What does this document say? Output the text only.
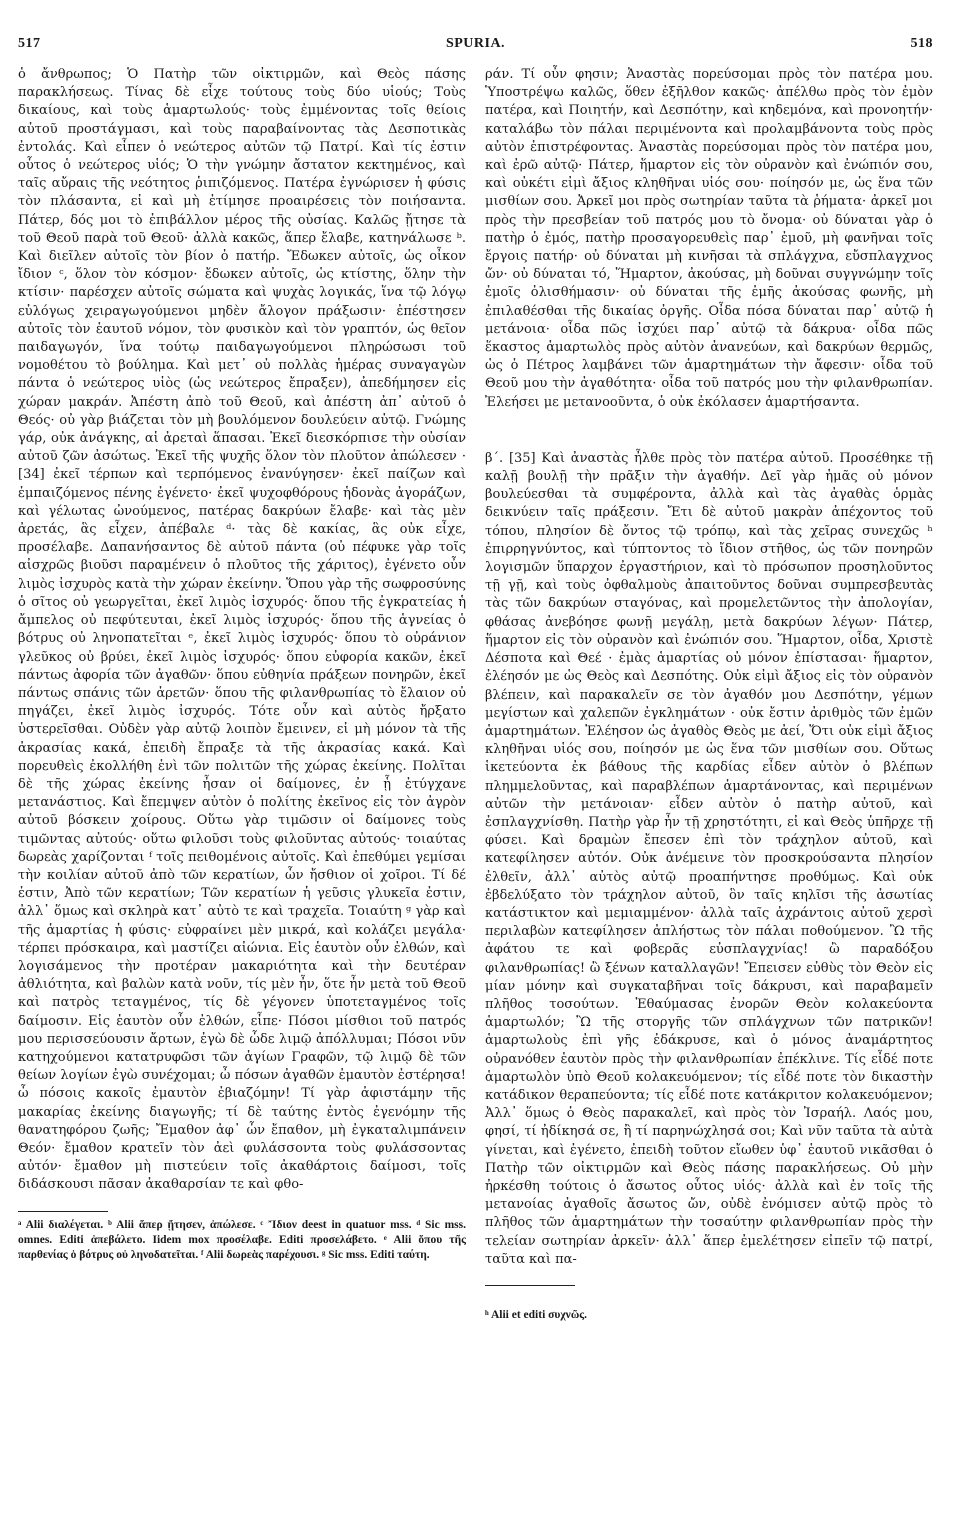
517	SPURIA.	518

ὁ ἄνθρωπος; Ὁ Πατὴρ τῶν οἰκτιρμῶν, καὶ Θεὸς πάσης παρακλήσεως. Τίνας δὲ εἶχε τούτους τοὺς δύο υἱούς; Τοὺς δικαίους, καὶ τοὺς ἁμαρτωλούς· τοὺς ἐμμένοντας τοῖς θείοις αὐτοῦ προστάγμασι, καὶ τοὺς παραβαίνοντας τὰς Δεσποτικὰς ἐντολάς. Καὶ εἶπεν ὁ νεώτερος αὐτῶν τῷ Πατρί. Καὶ τίς ἐστιν οὗτος ὁ νεώτερος υἱός; Ὁ τὴν γνώμην ἄστατον κεκτημένος, καὶ ταῖς αὔραις τῆς νεότητος ῥιπιζόμενος. Πατέρα ἐγνώρισεν ἡ φύσις τὸν πλάσαντα, εἰ καὶ μὴ ἐτίμησε προαιρέσεις τὸν ποιήσαντα. Πάτερ, δός μοι τὸ ἐπιβάλλον μέρος τῆς οὐσίας. Καλῶς ᾔτησε τὰ τοῦ Θεοῦ παρὰ τοῦ Θεοῦ· ἀλλὰ κακῶς, ἅπερ ἔλαβε, κατηνάλωσε ᵇ. Καὶ διεῖλεν αὐτοῖς τὸν βίον ὁ πατήρ. Ἔδωκεν αὐτοῖς, ὡς οἶκον ἴδιον ᶜ, ὅλον τὸν κόσμον· ἔδωκεν αὐτοῖς, ὡς κτίστης, ὅλην τὴν κτίσιν· παρέσχεν αὐτοῖς σώματα καὶ ψυχὰς λογικάς, ἵνα τῷ λόγῳ εὐλόγως χειραγωγούμενοι μηδὲν ἄλογον πράξωσιν· ἐπέστησεν αὐτοῖς τὸν ἑαυτοῦ νόμον, τὸν φυσικὸν καὶ τὸν γραπτόν, ὡς θεῖον παιδαγωγόν, ἵνα τούτῳ παιδαγωγούμενοι πληρώσωσι τοῦ νομοθέτου τὸ βούλημα. Καὶ μετ᾽ οὐ πολλὰς ἡμέρας συναγαγὼν πάντα ὁ νεώτερος υἱὸς (ὡς νεώτερος ἔπραξεν), ἀπεδήμησεν εἰς χώραν μακράν. Ἀπέστη ἀπὸ τοῦ Θεοῦ, καὶ ἀπέστη ἀπ᾽ αὐτοῦ ὁ Θεός· οὐ γὰρ βιάζεται τὸν μὴ βουλόμενον δουλεύειν αὐτῷ. Γνώμης γάρ, οὐκ ἀνάγκης, αἱ ἀρεταὶ ἅπασαι. Ἐκεῖ διεσκόρπισε τὴν οὐσίαν αὐτοῦ ζῶν ἀσώτως. Ἐκεῖ τῆς ψυχῆς ὅλον τὸν πλοῦτον ἀπώλεσεν · [34] ἐκεῖ τέρπων καὶ τερπόμενος ἐνανύγησεν· ἐκεῖ παίζων καὶ ἐμπαιζόμενος πένης ἐγένετο· ἐκεῖ ψυχοφθόρους ἡδονὰς ἀγοράζων, καὶ γέλωτας ὠνούμενος, πατέρας δακρύων ἔλαβε· καὶ τὰς μὲν ἀρετάς, ἃς εἶχεν, ἀπέβαλε ᵈ· τὰς δὲ κακίας, ἃς οὐκ εἶχε, προσέλαβε. Δαπανήσαντος δὲ αὐτοῦ πάντα (οὐ πέφυκε γὰρ τοῖς αἰσχρῶς βιοῦσι παραμένειν ὁ πλοῦτος τῆς χάριτος), ἐγένετο οὖν λιμὸς ἰσχυρὸς κατὰ τὴν χώραν ἐκείνην. Ὅπου γὰρ τῆς σωφροσύνης ὁ σῖτος οὐ γεωργεῖται, ἐκεῖ λιμὸς ἰσχυρός· ὅπου τῆς ἐγκρατείας ἡ ἄμπελος οὐ πεφύτευται, ἐκεῖ λιμὸς ἰσχυρός· ὅπου τῆς ἁγνείας ὁ βότρυς οὐ ληνοπατεῖται ᵉ, ἐκεῖ λιμὸς ἰσχυρός· ὅπου τὸ οὐράνιον γλεῦκος οὐ βρύει, ἐκεῖ λιμὸς ἰσχυρός· ὅπου εὐφορία κακῶν, ἐκεῖ πάντως ἀφορία τῶν ἀγαθῶν· ὅπου εὐθηνία πράξεων πονηρῶν, ἐκεῖ πάντως σπάνις τῶν ἀρετῶν· ὅπου τῆς φιλανθρωπίας τὸ ἔλαιον οὐ πηγάζει, ἐκεῖ λιμὸς ἰσχυρός. Τότε οὖν καὶ αὐτὸς ἤρξατο ὑστερεῖσθαι. Οὐδὲν γὰρ αὐτῷ λοιπὸν ἔμεινεν, εἰ μὴ μόνον τὰ τῆς ἀκρασίας κακά, ἐπειδὴ ἔπραξε τὰ τῆς ἀκρασίας κακά. Καὶ πορευθεὶς ἐκολλήθη ἑνὶ τῶν πολιτῶν τῆς χώρας ἐκείνης. Πολῖται δὲ τῆς χώρας ἐκείνης ἦσαν οἱ δαίμονες, ἐν ᾗ ἐτύγχανε μετανάστιος. Καὶ ἔπεμψεν αὐτὸν ὁ πολίτης ἐκεῖνος εἰς τὸν ἀγρὸν αὐτοῦ βόσκειν χοίρους. Οὕτω γὰρ τιμῶσιν οἱ δαίμονες τοὺς τιμῶντας αὐτούς· οὕτω φιλοῦσι τοὺς φιλοῦντας αὐτούς· τοιαύτας δωρεὰς χαρίζονται ᶠ τοῖς πειθομένοις αὐτοῖς. Καὶ ἐπεθύμει γεμίσαι τὴν κοιλίαν αὐτοῦ ἀπὸ τῶν κερατίων, ὧν ἤσθιον οἱ χοῖροι. Τί δέ ἐστιν, Ἀπὸ τῶν κερατίων; Τῶν κερατίων ἡ γεῦσις γλυκεῖα ἐστιν, ἀλλ᾽ ὅμως καὶ σκληρὰ κατ᾽ αὐτὸ τε καὶ τραχεῖα. Τοιαύτη ᵍ γὰρ καὶ τῆς ἁμαρτίας ἡ φύσις· εὐφραίνει μὲν μικρά, καὶ κολάζει μεγάλα· τέρπει πρόσκαιρα, καὶ μαστίζει αἰώνια. Εἰς ἑαυτὸν οὖν ἐλθών, καὶ λογισάμενος τὴν προτέραν μακαριότητα καὶ τὴν δευτέραν ἀθλιότητα, καὶ βαλὼν κατὰ νοῦν, τίς μὲν ἦν, ὅτε ἦν μετὰ τοῦ Θεοῦ καὶ πατρὸς τεταγμένος, τίς δὲ γέγονεν ὑποτεταγμένος τοῖς δαίμοσιν. Εἰς ἑαυτὸν οὖν ἐλθών, εἶπε· Πόσοι μίσθιοι τοῦ πατρός μου περισσεύουσιν ἄρτων, ἐγὼ δὲ ὧδε λιμῷ ἀπόλλυμαι; Πόσοι νῦν κατηχούμενοι κατατρυφῶσι τῶν ἁγίων Γραφῶν, τῷ λιμῷ δὲ τῶν θείων λογίων ἐγὼ συνέχομαι; ὦ πόσων ἀγαθῶν ἐμαυτὸν ἐστέρησα! ὦ πόσοις κακοῖς ἐμαυτὸν ἐβιαζόμην! Τί γὰρ ἀφιστάμην τῆς μακαρίας ἐκείνης διαγωγῆς; τί δὲ ταύτης ἐντὸς ἐγενόμην τῆς θανατηφόρου ζωῆς; Ἔμαθον ἀφ᾽ ὧν ἔπαθον, μὴ ἐγκαταλιμπάνειν Θεόν· ἔμαθον κρατεῖν τὸν ἀεὶ φυλάσσοντα τοὺς φυλάσσοντας αὐτόν· ἔμαθον μὴ πιστεύειν τοῖς ἀκαθάρτοις δαίμοσι, τοῖς διδάσκουσι πᾶσαν ἀκαθαρσίαν τε καὶ φθο-

ᵃ Alii διαλέγεται. ᵇ Alii ἅπερ ᾔτησεν, ἀπώλεσε. ᶜ Ἴδιον deest in quatuor mss. ᵈ Sic mss. omnes. Editi ἀπεβάλετο. Iidem mox προσέλαβε. Editi προσελάβετο. ᵉ Alii ὅπου τῆς παρθενίας ὁ βότρυς οὐ ληνοδατεῖται. ᶠ Alii δωρεὰς παρέχουσι. ᵍ Sic mss. Editi ταύτη.

ράν. Τί οὖν φησιν; Ἀναστὰς πορεύσομαι πρὸς τὸν πατέρα μου. Ὑποστρέψω καλῶς, ὅθεν ἐξῆλθον κακῶς· ἀπέλθω πρὸς τὸν ἐμὸν πατέρα, καὶ Ποιητήν, καὶ Δεσπότην, καὶ κηδεμόνα, καὶ προνοητήν· καταλάβω τὸν πάλαι περιμένοντα καὶ προλαμβάνοντα τοὺς πρὸς αὐτὸν ἐπιστρέφοντας. Ἀναστὰς πορεύσομαι πρὸς τὸν πατέρα μου, καὶ ἐρῶ αὐτῷ· Πάτερ, ἥμαρτον εἰς τὸν οὐρανὸν καὶ ἐνώπιόν σου, καὶ οὐκέτι εἰμὶ ἄξιος κληθῆναι υἱός σου· ποίησόν με, ὡς ἕνα τῶν μισθίων σου. Ἀρκεῖ μοι πρὸς σωτηρίαν ταῦτα τὰ ῥήματα· ἀρκεῖ μοι πρὸς τὴν πρεσβείαν τοῦ πατρός μου τὸ ὄνομα· οὐ δύναται γὰρ ὁ πατὴρ ὁ ἐμός, πατὴρ προσαγορευθεὶς παρ᾽ ἐμοῦ, μὴ φανῆναι τοῖς ἔργοις πατήρ· οὐ δύναται μὴ κινῆσαι τὰ σπλάγχνα, εὔσπλαγχνος ὤν· οὐ δύναται τό, Ἥμαρτον, ἀκούσας, μὴ δοῦναι συγγνώμην τοῖς ἐμοῖς ὀλισθήμασιν· οὐ δύναται τῆς ἐμῆς ἀκούσας φωνῆς, μὴ ἐπιλαθέσθαι τῆς δικαίας ὀργῆς. Οἶδα πόσα δύναται παρ᾽ αὐτῷ ἡ μετάνοια· οἶδα πῶς ἰσχύει παρ᾽ αὐτῷ τὰ δάκρυα· οἶδα πῶς ἕκαστος ἁμαρτωλὸς πρὸς αὐτὸν ἀνανεύων, καὶ δακρύων θερμῶς, ὡς ὁ Πέτρος λαμβάνει τῶν ἁμαρτημάτων τὴν ἄφεσιν· οἶδα τοῦ Θεοῦ μου τὴν ἀγαθότητα· οἶδα τοῦ πατρός μου τὴν φιλανθρωπίαν. Ἐλεήσει με μετανοοῦντα, ὁ οὐκ ἐκόλασεν ἁμαρτήσαντα.

β´. [35] Καὶ ἀναστὰς ἦλθε πρὸς τὸν πατέρα αὐτοῦ. Προσέθηκε τῇ καλῇ βουλῇ τὴν πρᾶξιν τὴν ἀγαθήν. Δεῖ γὰρ ἡμᾶς οὐ μόνον βουλεύεσθαι τὰ συμφέροντα, ἀλλὰ καὶ τὰς ἀγαθὰς ὁρμὰς δεικνύειν ταῖς πράξεσιν. Ἔτι δὲ αὐτοῦ μακρὰν ἀπέχοντος τοῦ τόπου, πλησίον δὲ ὄντος τῷ τρόπῳ, καὶ τὰς χεῖρας συνεχῶς ʰ ἐπιρρηγνύντος, καὶ τύπτοντος τὸ ἴδιον στῆθος, ὡς τῶν πονηρῶν λογισμῶν ὕπαρχον ἐργαστήριον, καὶ τὸ πρόσωπον προσηλοῦντος τῇ γῇ, καὶ τοὺς ὀφθαλμοὺς ἀπαιτοῦντος δοῦναι συμπρεσβευτὰς τὰς τῶν δακρύων σταγόνας, καὶ προμελετῶντος τὴν ἀπολογίαν, φθάσας ἀνεβόησε φωνῇ μεγάλῃ, μετὰ δακρύων λέγων· Πάτερ, ἥμαρτον εἰς τὸν οὐρανὸν καὶ ἐνώπιόν σου. Ἥμαρτον, οἶδα, Χριστὲ Δέσποτα καὶ Θεέ · ἐμὰς ἁμαρτίας οὐ μόνον ἐπίστασαι· ἥμαρτον, ἐλέησόν με ὡς Θεὸς καὶ Δεσπότης. Οὐκ εἰμὶ ἄξιος εἰς τὸν οὐρανὸν βλέπειν, καὶ παρακαλεῖν σε τὸν ἀγαθόν μου Δεσπότην, γέμων μεγίστων καὶ χαλεπῶν ἐγκλημάτων · οὐκ ἔστιν ἀριθμὸς τῶν ἐμῶν ἁμαρτημάτων. Ἐλέησον ὡς ἀγαθὸς Θεὸς με ἀεί, Ὅτι οὐκ εἰμὶ ἄξιος κληθῆναι υἱός σου, ποίησόν με ὡς ἕνα τῶν μισθίων σου. Οὕτως ἱκετεύοντα ἐκ βάθους τῆς καρδίας εἶδεν αὐτὸν ὁ βλέπων πλημμελοῦντας, καὶ παραβλέπων ἁμαρτάνοντας, καὶ περιμένων αὐτῶν τὴν μετάνοιαν· εἶδεν αὐτὸν ὁ πατὴρ αὐτοῦ, καὶ ἐσπλαγχνίσθη. Πατὴρ γὰρ ἦν τῇ χρηστότητι, εἰ καὶ Θεὸς ὑπῆρχε τῇ φύσει. Καὶ δραμὼν ἔπεσεν ἐπὶ τὸν τράχηλον αὐτοῦ, καὶ κατεφίλησεν αὐτόν. Οὐκ ἀνέμεινε τὸν προσκρούσαντα πλησίον ἐλθεῖν, ἀλλ᾽ αὐτὸς αὐτῷ προαπήντησε προθύμως. Καὶ οὐκ ἐβδελύξατο τὸν τράχηλον αὐτοῦ, ὃν ταῖς κηλῖσι τῆς ἀσωτίας κατάστικτον καὶ μεμιαμμένον· ἀλλὰ ταῖς ἀχράντοις αὐτοῦ χερσὶ περιλαβὼν κατεφίλησεν ἀπλήστως τὸν πάλαι ποθούμενον. Ὢ τῆς ἀφάτου τε καὶ φοβερᾶς εὐσπλαγχνίας! ὢ παραδόξου φιλανθρωπίας! ὢ ξένων καταλλαγῶν! Ἔπεισεν εὐθὺς τὸν Θεὸν εἰς μίαν μόνην καὶ συγκαταβῆναι τοῖς δάκρυσι, καὶ παραβαμεῖν πλῆθος τοσούτων. Ἐθαύμασας ἐνορῶν Θεὸν κολακεύοντα ἁμαρτωλόν; Ὢ τῆς στοργῆς τῶν σπλάγχνων τῶν πατρικῶν! ἁμαρτωλοὺς ἐπὶ γῆς ἐδάκρυσε, καὶ ὁ μόνος ἀναμάρτητος οὐρανόθεν ἑαυτὸν πρὸς τὴν φιλανθρωπίαν ἐπέκλινε. Τίς εἶδέ ποτε ἁμαρτωλὸν ὑπὸ Θεοῦ κολακευόμενον; τίς εἶδέ ποτε τὸν δικαστὴν κατάδικον θεραπεύοντα; τίς εἶδέ ποτε κατάκριτον κολακευόμενον; Ἀλλ᾽ ὅμως ὁ Θεὸς παρακαλεῖ, καὶ πρὸς τὸν Ἰσραήλ. Λαός μου, φησί, τί ἠδίκησά σε, ἢ τί παρηνώχλησά σοι; Καὶ νῦν ταῦτα τὰ αὐτὰ γίνεται, καὶ ἐγένετο, ἐπειδὴ τοῦτον εἴωθεν ὑφ᾽ ἑαυτοῦ νικᾶσθαι ὁ Πατὴρ τῶν οἰκτιρμῶν καὶ Θεὸς πάσης παρακλήσεως. Οὐ μὴν ἠρκέσθη τούτοις ὁ ἄσωτος οὗτος υἱός· ἀλλὰ καὶ ἐν τοῖς τῆς μετανοίας ἀγαθοῖς ἄσωτος ὤν, οὐδὲ ἐνόμισεν αὐτῷ πρὸς τὸ πλῆθος τῶν ἁμαρτημάτων τὴν τοσαύτην φιλανθρωπίαν πρὸς τὴν τελείαν σωτηρίαν ἀρκεῖν· ἀλλ᾽ ἅπερ ἐμελέτησεν εἰπεῖν τῷ πατρί, ταῦτα καὶ πα-

ʰ Alii et editi συχνῶς.
